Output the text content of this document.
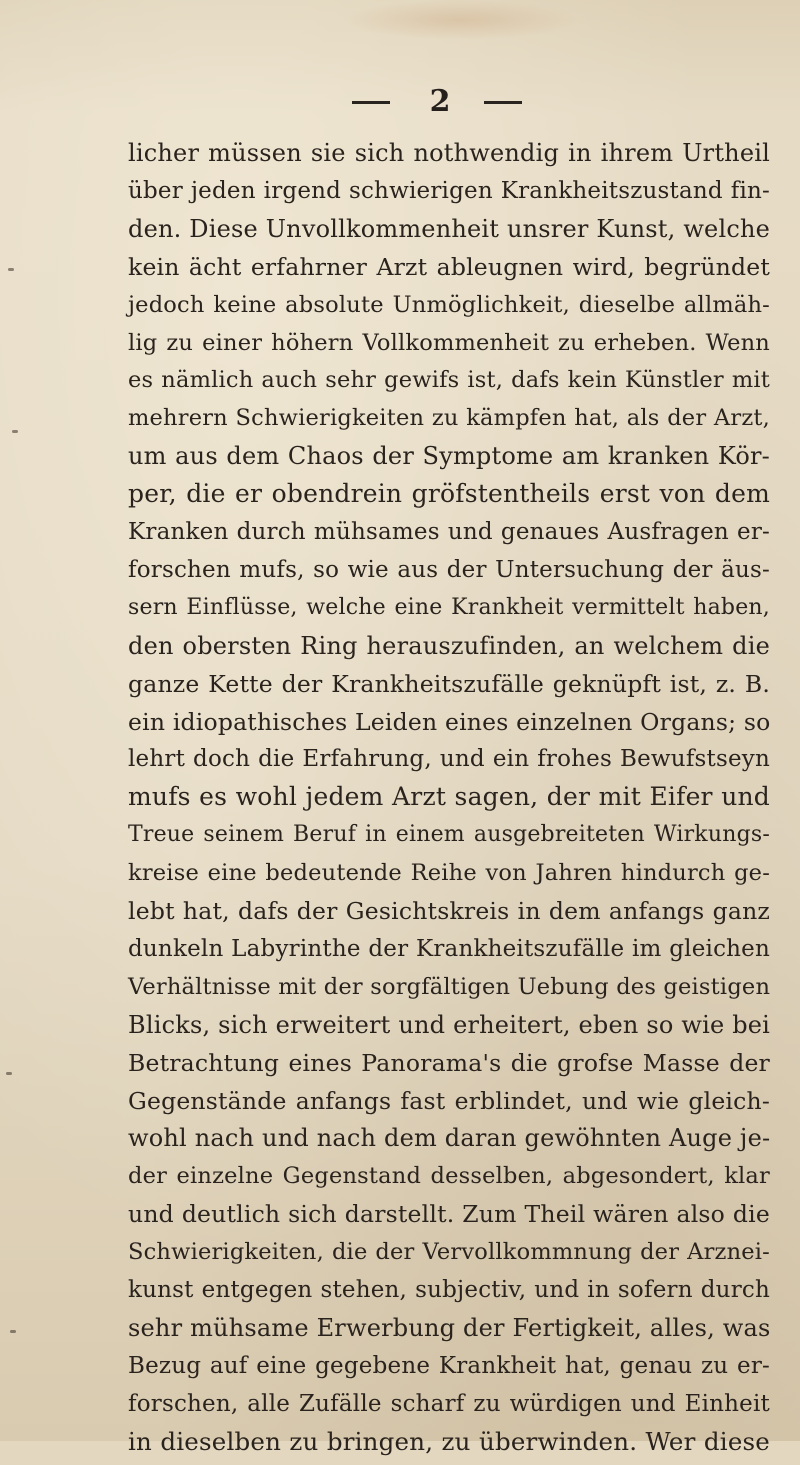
2
licher müssen sie sich nothwendig in ihrem Urtheil
über jeden irgend schwierigen Krankheitszustand fin-
den. Diese Unvollkommenheit unsrer Kunst, welche
kein ächt erfahrner Arzt ableugnen wird, begründet
jedoch keine absolute Unmöglichkeit, dieselbe allmäh-
lig zu einer höhern Vollkommenheit zu erheben. Wenn
es nämlich auch sehr gewifs ist, dafs kein Künstler mit
mehrern Schwierigkeiten zu kämpfen hat, als der Arzt,
um aus dem Chaos der Symptome am kranken Kör-
per, die er obendrein gröfstentheils erst von dem
Kranken durch mühsames und genaues Ausfragen er-
forschen mufs, so wie aus der Untersuchung der äus-
sern Einflüsse, welche eine Krankheit vermittelt haben,
den obersten Ring herauszufinden, an welchem die
ganze Kette der Krankheitszufälle geknüpft ist, z. B.
ein idiopathisches Leiden eines einzelnen Organs; so
lehrt doch die Erfahrung, und ein frohes Bewufstseyn
mufs es wohl jedem Arzt sagen, der mit Eifer und
Treue seinem Beruf in einem ausgebreiteten Wirkungs-
kreise eine bedeutende Reihe von Jahren hindurch ge-
lebt hat, dafs der Gesichtskreis in dem anfangs ganz
dunkeln Labyrinthe der Krankheitszufälle im gleichen
Verhältnisse mit der sorgfältigen Uebung des geistigen
Blicks, sich erweitert und erheitert, eben so wie bei
Betrachtung eines Panorama's die grofse Masse der
Gegenstände anfangs fast erblindet, und wie gleich-
wohl nach und nach dem daran gewöhnten Auge je-
der einzelne Gegenstand desselben, abgesondert, klar
und deutlich sich darstellt. Zum Theil wären also die
Schwierigkeiten, die der Vervollkommnung der Arznei-
kunst entgegen stehen, subjectiv, und in sofern durch
sehr mühsame Erwerbung der Fertigkeit, alles, was
Bezug auf eine gegebene Krankheit hat, genau zu er-
forschen, alle Zufälle scharf zu würdigen und Einheit
in dieselben zu bringen, zu überwinden. Wer diese
